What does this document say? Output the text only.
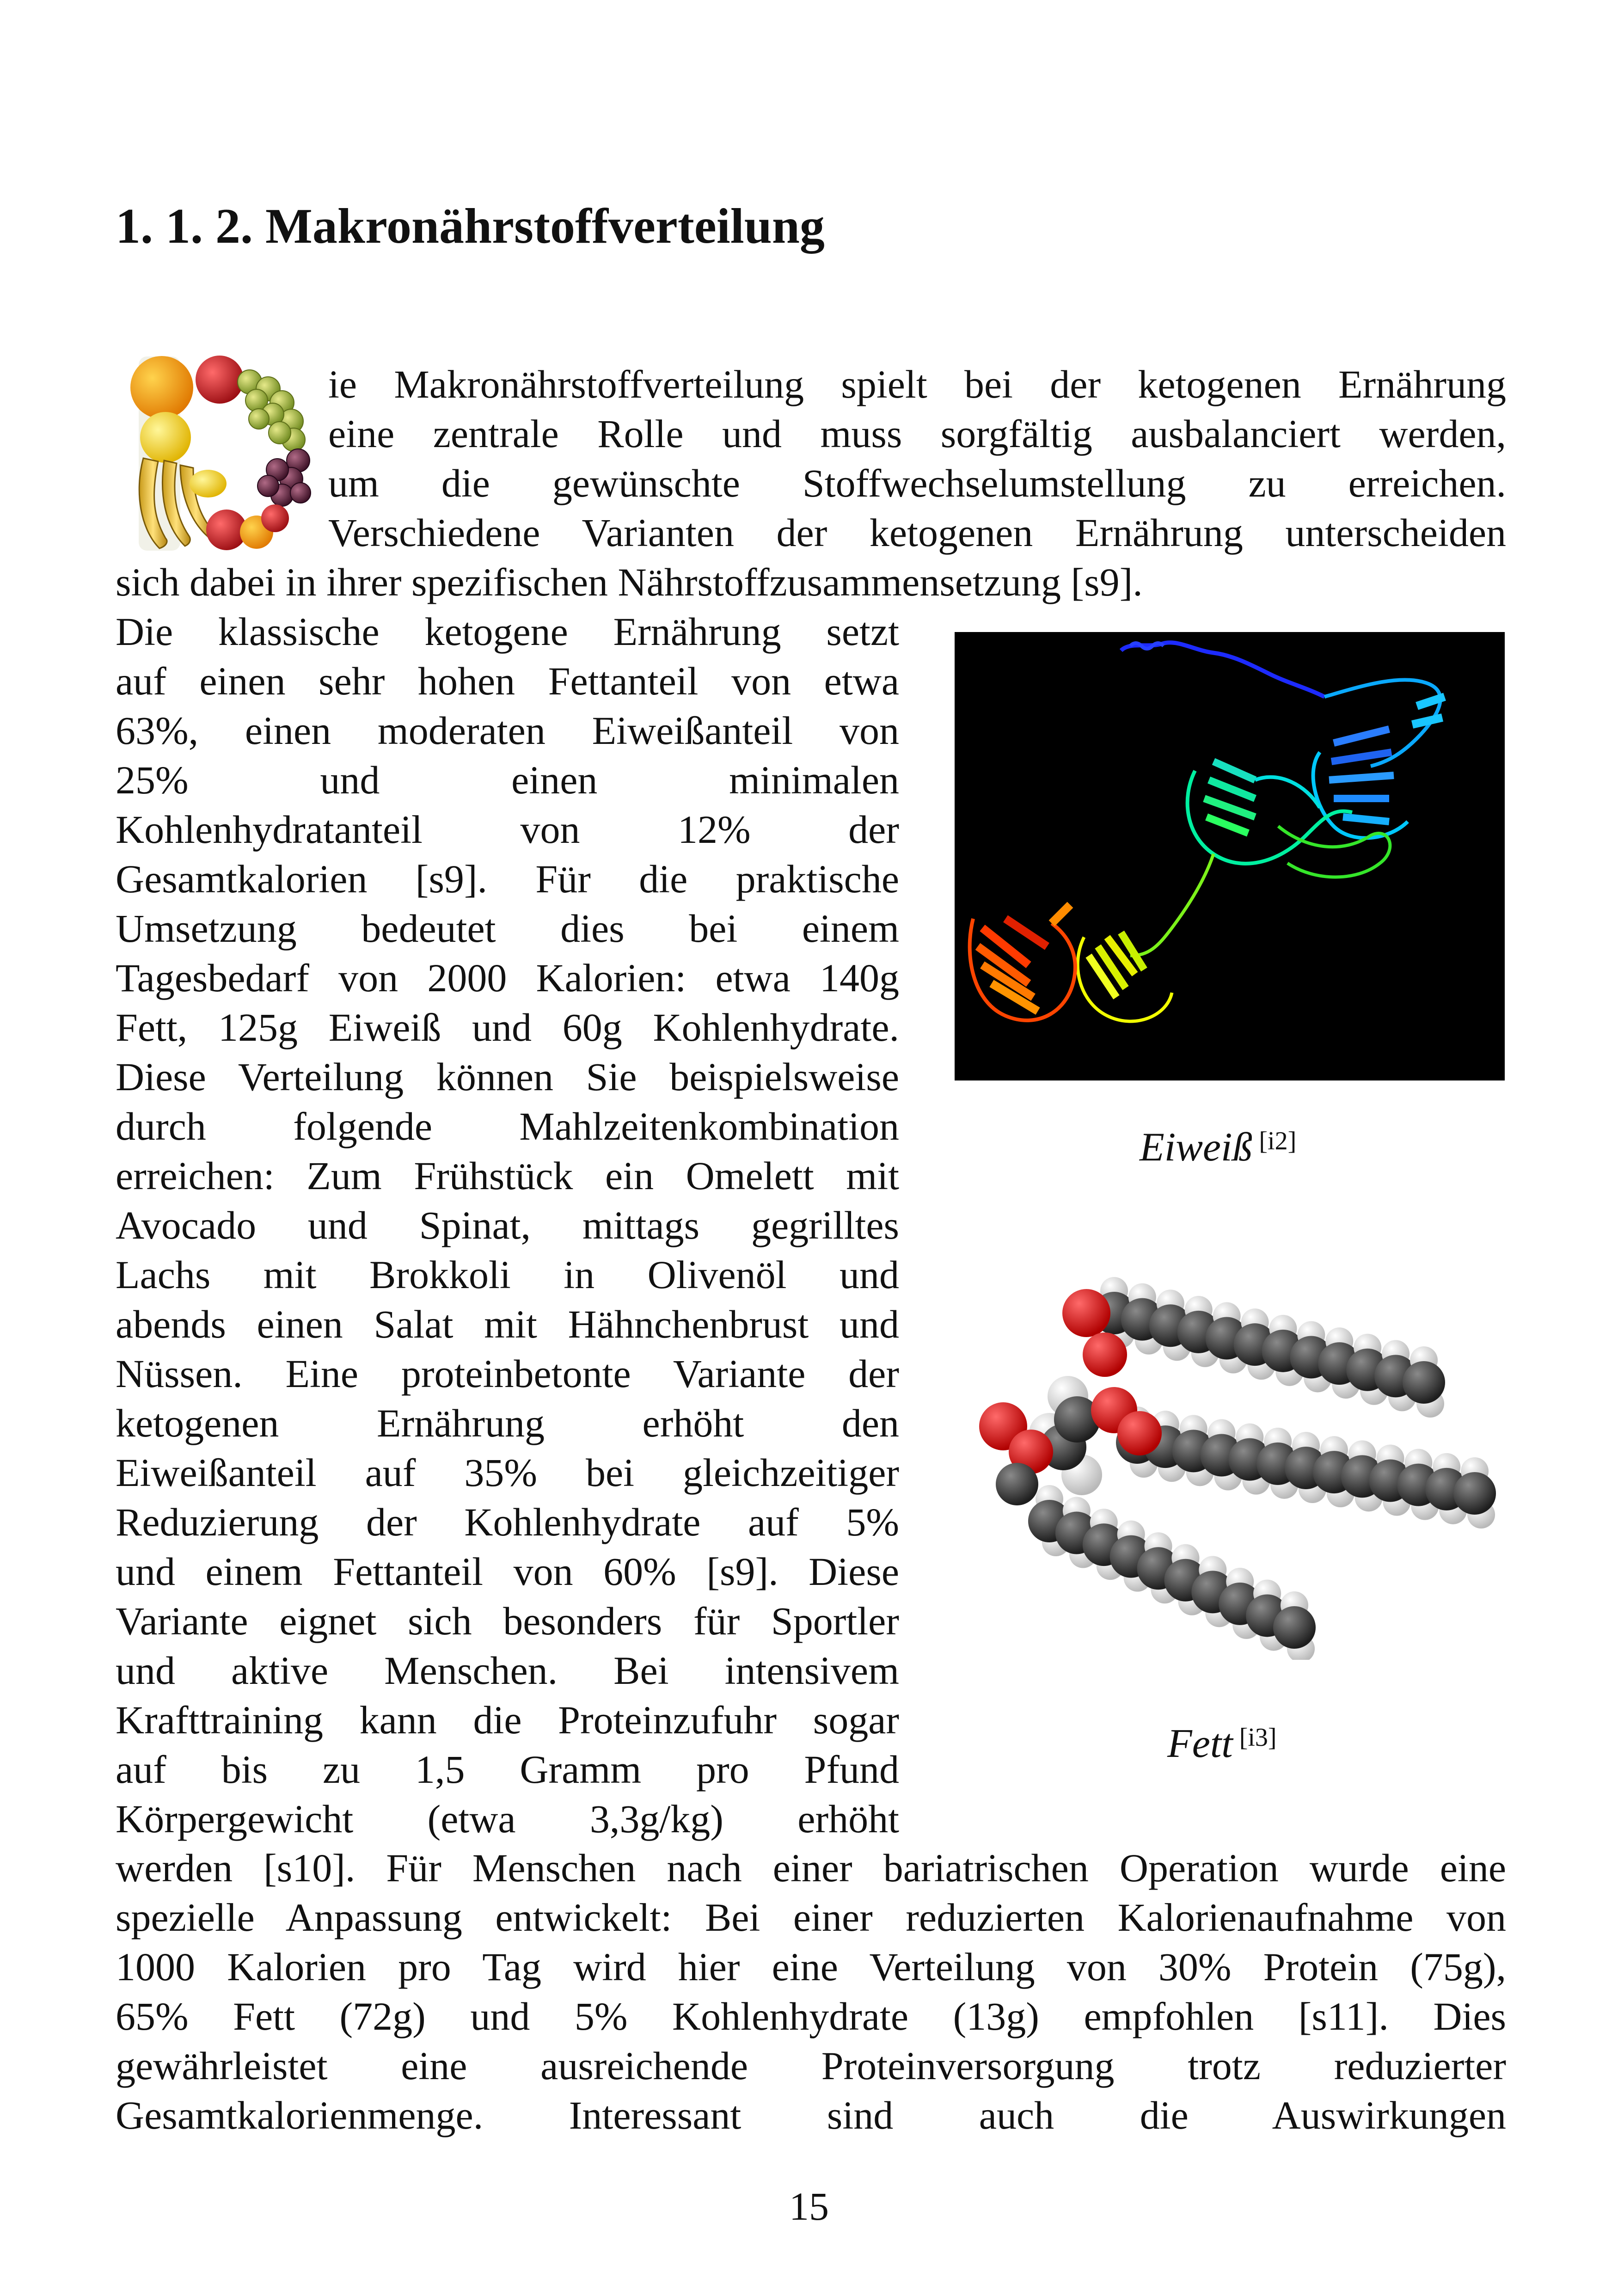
1. 1. 2. Makronährstoffverteilung
ie Makronährstoffverteilung spielt bei der ketogenen Ernährung
eine zentrale Rolle und muss sorgfältig ausbalanciert werden,
um die gewünschte Stoffwechselumstellung zu erreichen.
Verschiedene Varianten der ketogenen Ernährung unterscheiden
sich dabei in ihrer spezifischen Nährstoffzusammensetzung [s9].
Die klassische ketogene Ernährung setzt
auf einen sehr hohen Fettanteil von etwa
63%, einen moderaten Eiweißanteil von
25% und einen minimalen
Kohlenhydratanteil von 12% der
Gesamtkalorien [s9]. Für die praktische
Umsetzung bedeutet dies bei einem
Tagesbedarf von 2000 Kalorien: etwa 140g
Fett, 125g Eiweiß und 60g Kohlenhydrate.
Diese Verteilung können Sie beispielsweise
durch folgende Mahlzeitenkombination
erreichen: Zum Frühstück ein Omelett mit
Avocado und Spinat, mittags gegrilltes
Lachs mit Brokkoli in Olivenöl und
abends einen Salat mit Hähnchenbrust und
Nüssen. Eine proteinbetonte Variante der
ketogenen Ernährung erhöht den
Eiweißanteil auf 35% bei gleichzeitiger
Reduzierung der Kohlenhydrate auf 5%
und einem Fettanteil von 60% [s9]. Diese
Variante eignet sich besonders für Sportler
und aktive Menschen. Bei intensivem
Krafttraining kann die Proteinzufuhr sogar
auf bis zu 1,5 Gramm pro Pfund
Körpergewicht (etwa 3,3g/kg) erhöht
Eiweiß [i2]
Fett [i3]
werden [s10]. Für Menschen nach einer bariatrischen Operation wurde eine
spezielle Anpassung entwickelt: Bei einer reduzierten Kalorienaufnahme von
1000 Kalorien pro Tag wird hier eine Verteilung von 30% Protein (75g),
65% Fett (72g) und 5% Kohlenhydrate (13g) empfohlen [s11]. Dies
gewährleistet eine ausreichende Proteinversorgung trotz reduzierter
Gesamtkalorienmenge. Interessant sind auch die Auswirkungen
15
